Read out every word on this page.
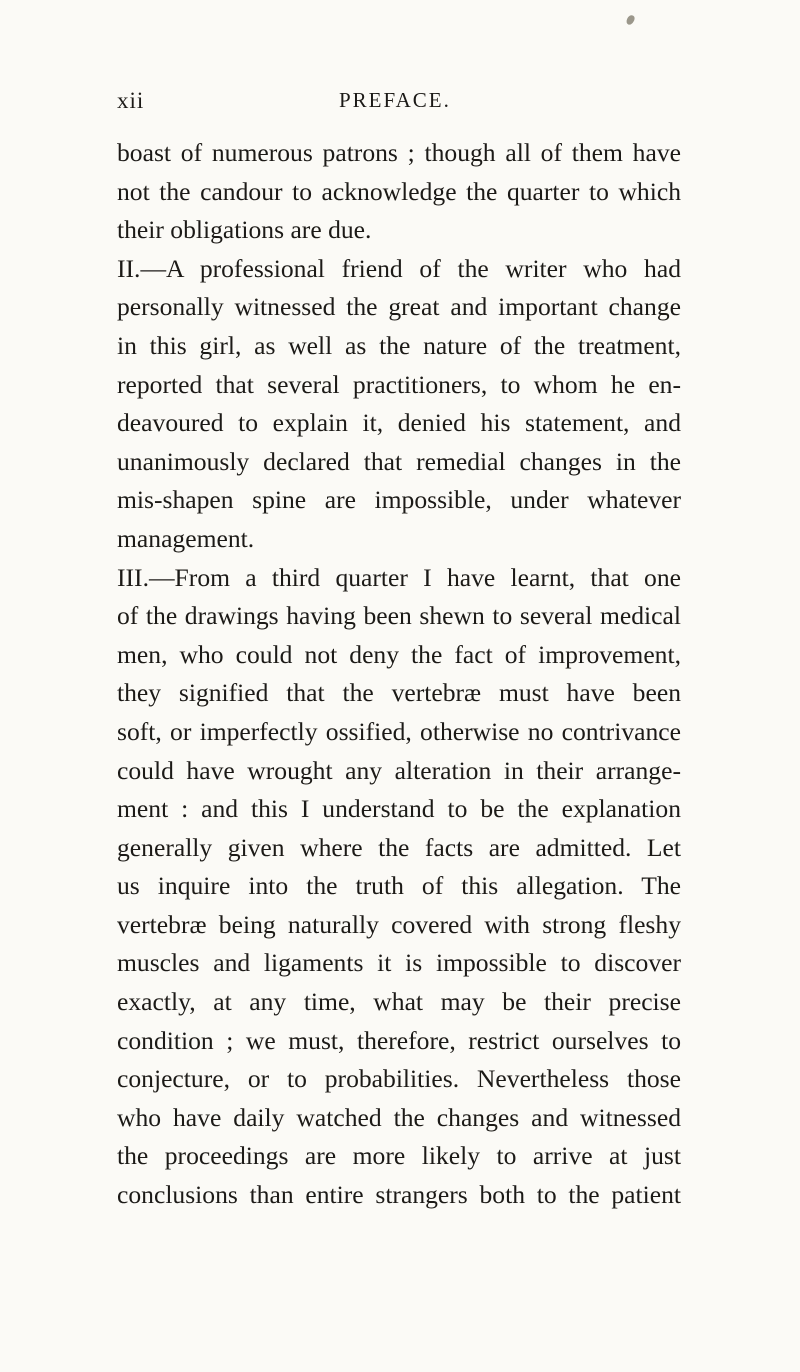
xii	PREFACE.
boast of numerous patrons ; though all of them have
not the candour to acknowledge the quarter to which
their obligations are due.
II.—A professional friend of the writer who had
personally witnessed the great and important change
in this girl, as well as the nature of the treatment,
reported that several practitioners, to whom he en-
deavoured to explain it, denied his statement, and
unanimously declared that remedial changes in the
mis-shapen spine are impossible, under whatever
management.
III.—From a third quarter I have learnt, that one
of the drawings having been shewn to several medical
men, who could not deny the fact of improvement,
they signified that the vertebræ must have been
soft, or imperfectly ossified, otherwise no contrivance
could have wrought any alteration in their arrange-
ment : and this I understand to be the explanation
generally given where the facts are admitted. Let
us inquire into the truth of this allegation. The
vertebræ being naturally covered with strong fleshy
muscles and ligaments it is impossible to discover
exactly, at any time, what may be their precise
condition ; we must, therefore, restrict ourselves to
conjecture, or to probabilities. Nevertheless those
who have daily watched the changes and witnessed
the proceedings are more likely to arrive at just
conclusions than entire strangers both to the patient
